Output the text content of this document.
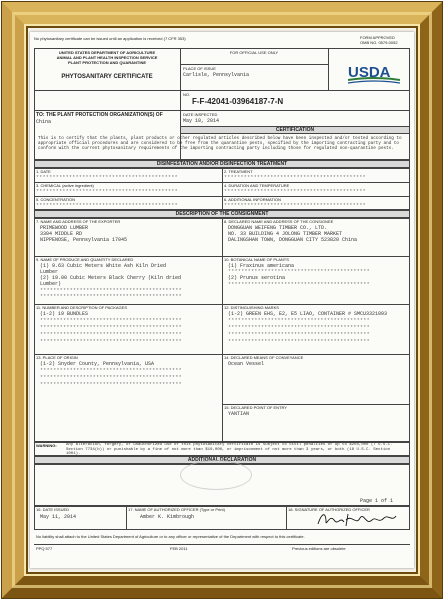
No phytosanitary certificate can be issued until an application is received (7 CFR 353)	FORM APPROVED
OMB NO. 0579-0052
UNITED STATES DEPARTMENT OF AGRICULTURE
ANIMAL AND PLANT HEALTH INSPECTION SERVICE
PLANT PROTECTION AND QUARANTINE
PHYTOSANITARY CERTIFICATE
FOR OFFICIAL USE ONLY
PLACE OF ISSUE
Carlisle, Pennsylvania	USDA
NO.
F-F-42041-03964187-7-N
TO: THE PLANT PROTECTION ORGANIZATION(S) OF
China
DATE INSPECTED
May 10, 2014
CERTIFICATION
This is to certify that the plants, plant products or other regulated articles described below have been inspected and/or tested according to appropriate official procedures and are considered to be free from the quarantine pests, specified by the importing contracting party and to conform with the current phytosanitary requirements of the importing contracting party including those for regulated non-quarantine pests.
DISINFESTATION AND/OR DISINFECTION TREATMENT
1. DATE	2. TREATMENT
3. CHEMICAL (active ingredient)	4. DURATION AND TEMPERATURE
5. CONCENTRATION	6. ADDITIONAL INFORMATION
*******************************************	*******************************************
*******************************************	*******************************************
*******************************************	*******************************************
DESCRIPTION OF THE CONSIGNMENT
7. NAME AND ADDRESS OF THE EXPORTER
PRIMEWOOD LUMBER
3304 MIDDLE RD
NIPPENOSE, Pennsylvania 17045
8. DECLARED NAME AND ADDRESS OF THE CONSIGNEE
DONGGUAN WEIFENG TIMBER CO., LTD.
NO. 33 BUILDING 4 JOLONG TIMBER MARKET
DALINGSHAN TOWN, DONGGUAN CITY 523820 China
9. NAME OF PRODUCE AND QUANTITY DECLARED
(1) 9.63 Cubic Meters White Ash Kiln Dried
Lumber
(2) 19.00 Cubic Meters Black Cherry (Kiln dried
Lumber)
*******************************************
*******************************************
10. BOTANICAL NAME OF PLANTS
(1) Fraxinus americana
*******************************************
(2) Prunus serotina
*******************************************
11. NUMBER AND DESCRIPTION OF PACKAGES
(1-2) 19 BUNDLES
*******************************************
*******************************************
*******************************************
*******************************************
12. DISTINGUISHING MARKS
(1-2) GREEN EHS, E2, E5 LIAO, CONTAINER # SMCU3321093
*******************************************
*******************************************
*******************************************
*******************************************
13. PLACE OF ORIGIN
(1-2) Snyder County, Pennsylvania, USA
*******************************************
*******************************************
*******************************************
14. DECLARED MEANS OF CONVEYANCE
Ocean Vessel
15. DECLARED POINT OF ENTRY
YANTIAN
WARNING: Any alteration, forgery, or unauthorized use of this phytosanitary certificate is subject to civil penalties of up to $250,000 (7 U.S.C. Section 7734(b)) or punishable by a fine of not more than $10,000, or imprisonment of not more than 3 years, or both (18 U.S.C. Section 1001).
ADDITIONAL DECLARATION
Page 1 of 1
16. DATE ISSUED
May 11, 2014
17. NAME OF AUTHORIZED OFFICER (Type or Print)
Amber K. Kimbrough
18. SIGNATURE OF AUTHORIZED OFFICER
No liability shall attach to the United States Department of Agriculture or to any officer or representative of the Department with respect to this certificate.
PPQ 577	FEB 2011	Previous editions are obsolete
